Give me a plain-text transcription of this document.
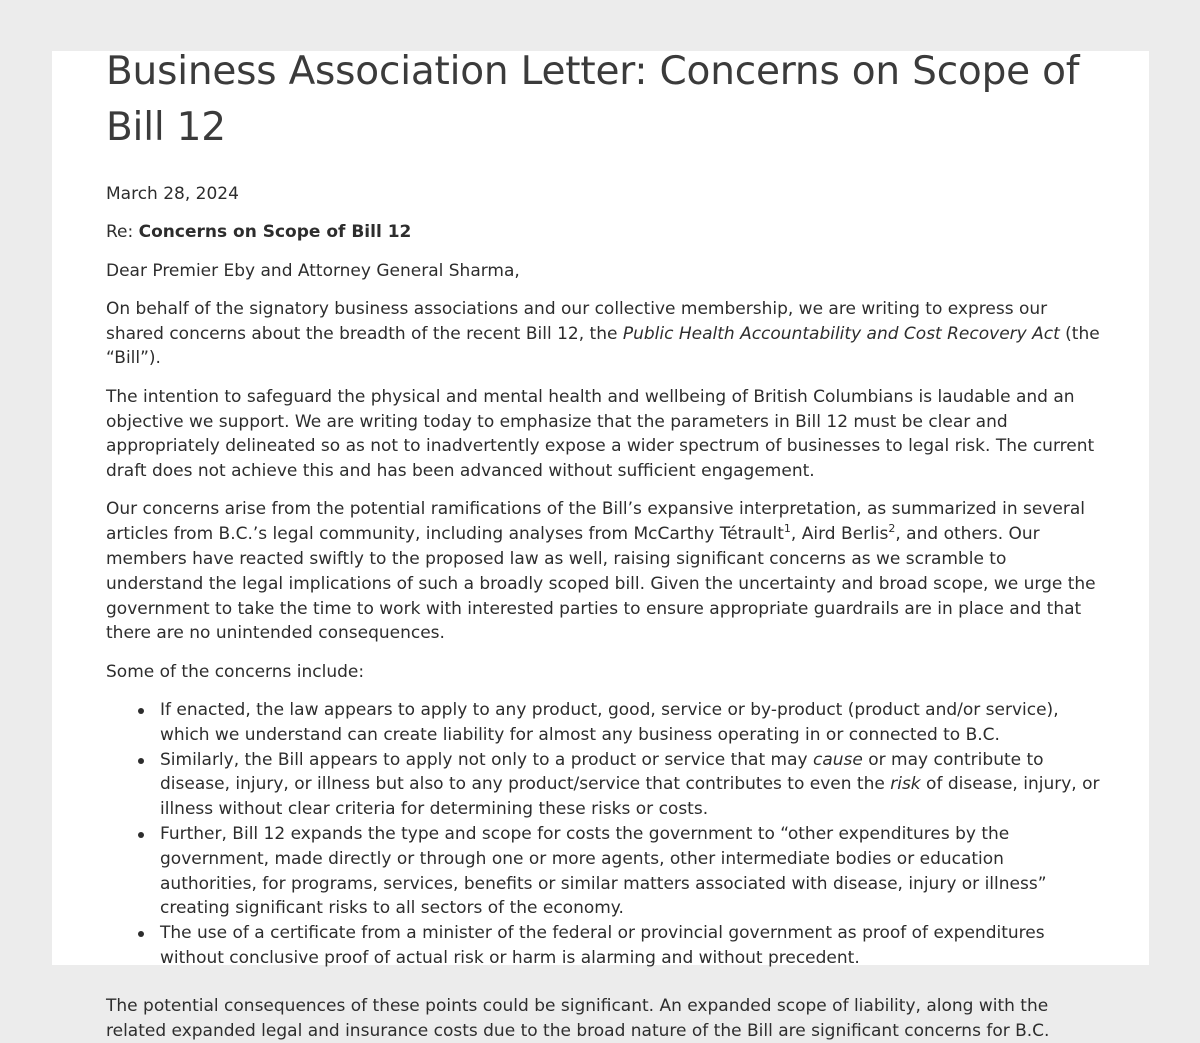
Business Association Letter: Concerns on Scope of Bill 12

March 28, 2024

Re: Concerns on Scope of Bill 12

Dear Premier Eby and Attorney General Sharma,

On behalf of the signatory business associations and our collective membership, we are writing to express our shared concerns about the breadth of the recent Bill 12, the Public Health Accountability and Cost Recovery Act (the “Bill”).

The intention to safeguard the physical and mental health and wellbeing of British Columbians is laudable and an objective we support. We are writing today to emphasize that the parameters in Bill 12 must be clear and appropriately delineated so as not to inadvertently expose a wider spectrum of businesses to legal risk. The current draft does not achieve this and has been advanced without sufficient engagement.

Our concerns arise from the potential ramifications of the Bill’s expansive interpretation, as summarized in several articles from B.C.’s legal community, including analyses from McCarthy Tétrault$^1$, Aird Berlis$^2$, and others. Our members have reacted swiftly to the proposed law as well, raising significant concerns as we scramble to understand the legal implications of such a broadly scoped bill. Given the uncertainty and broad scope, we urge the government to take the time to work with interested parties to ensure appropriate guardrails are in place and that there are no unintended consequences.

Some of the concerns include:

If enacted, the law appears to apply to any product, good, service or by-product (product and/or service), which we understand can create liability for almost any business operating in or connected to B.C.
Similarly, the Bill appears to apply not only to a product or service that may cause or may contribute to disease, injury, or illness but also to any product/service that contributes to even the risk of disease, injury, or illness without clear criteria for determining these risks or costs.
Further, Bill 12 expands the type and scope for costs the government to “other expenditures by the government, made directly or through one or more agents, other intermediate bodies or education authorities, for programs, services, benefits or similar matters associated with disease, injury or illness” creating significant risks to all sectors of the economy.
The use of a certificate from a minister of the federal or provincial government as proof of expenditures without conclusive proof of actual risk or harm is alarming and without precedent.

The potential consequences of these points could be significant. An expanded scope of liability, along with the related expanded legal and insurance costs due to the broad nature of the Bill are significant concerns for B.C.
